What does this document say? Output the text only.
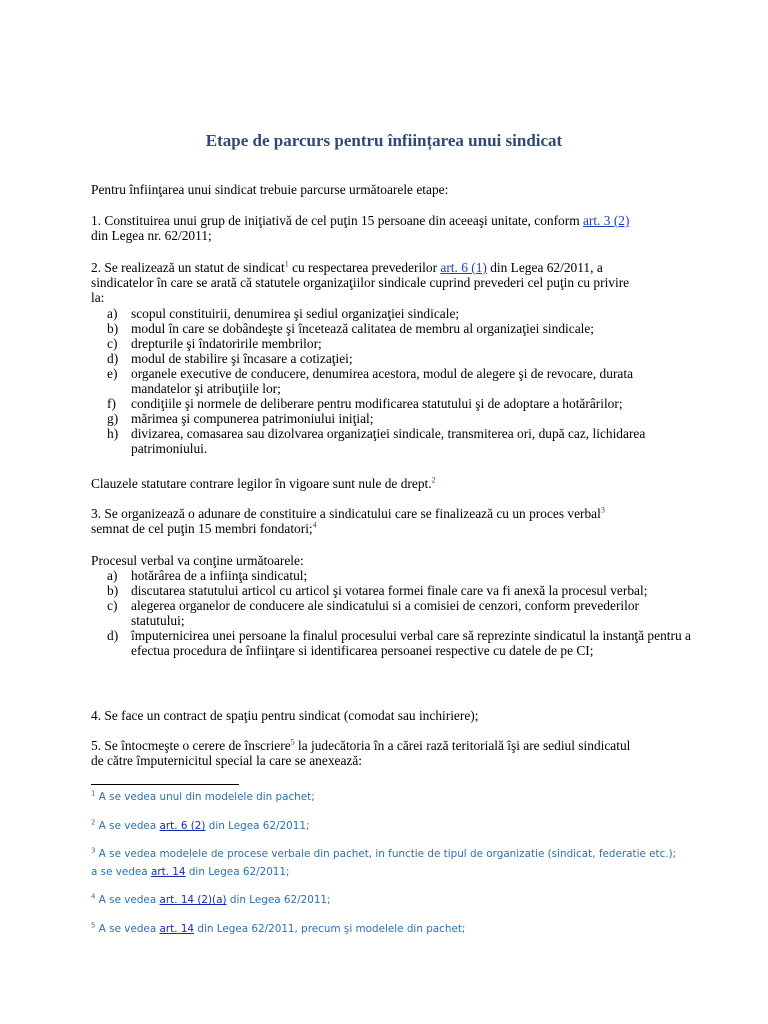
Etape de parcurs pentru înființarea unui sindicat
Pentru înfiinţarea unui sindicat trebuie parcurse următoarele etape:
1. Constituirea unui grup de iniţiativă de cel puţin 15 persoane din aceeaşi unitate, conform art. 3 (2)
din Legea nr. 62/2011;
2. Se realizează un statut de sindicat$^1$ cu respectarea prevederilor art. 6 (1) din Legea 62/2011, a
sindicatelor în care se arată că statutele organizaţiilor sindicale cuprind prevederi cel puţin cu privire
la:
a) scopul constituirii, denumirea şi sediul organizaţiei sindicale;
b) modul în care se dobândeşte şi încetează calitatea de membru al organizaţiei sindicale;
c) drepturile şi îndatoririle membrilor;
d) modul de stabilire şi încasare a cotizaţiei;
e) organele executive de conducere, denumirea acestora, modul de alegere şi de revocare, durata mandatelor şi atribuţiile lor;
f) condiţiile şi normele de deliberare pentru modificarea statutului şi de adoptare a hotărârilor;
g) mărimea şi compunerea patrimoniului iniţial;
h) divizarea, comasarea sau dizolvarea organizaţiei sindicale, transmiterea ori, după caz, lichidarea patrimoniului.
Clauzele statutare contrare legilor în vigoare sunt nule de drept.$^2$
3. Se organizează o adunare de constituire a sindicatului care se finalizează cu un proces verbal$^3$
semnat de cel puţin 15 membri fondatori;$^4$
Procesul verbal va conţine următoarele:
a) hotărârea de a infiinţa sindicatul;
b) discutarea statutului articol cu articol şi votarea formei finale care va fi anexă la procesul verbal;
c) alegerea organelor de conducere ale sindicatului si a comisiei de cenzori, conform prevederilor statutului;
d) împuternicirea unei persoane la finalul procesului verbal care să reprezinte sindicatul la instanţă pentru a efectua procedura de înfiinţare si identificarea persoanei respective cu datele de pe CI;
4. Se face un contract de spaţiu pentru sindicat (comodat sau inchiriere);
5. Se întocmeşte o cerere de înscriere$^5$ la judecătoria în a cărei rază teritorială îşi are sediul sindicatul
de către împuternicitul special la care se anexează:
$^1$ A se vedea unul din modelele din pachet;
$^2$ A se vedea art. 6 (2) din Legea 62/2011;
$^3$ A se vedea modelele de procese verbale din pachet, in functie de tipul de organizatie (sindicat, federatie etc.);
a se vedea art. 14 din Legea 62/2011;
$^4$ A se vedea art. 14 (2)(a) din Legea 62/2011;
$^5$ A se vedea art. 14 din Legea 62/2011, precum şi modelele din pachet;
